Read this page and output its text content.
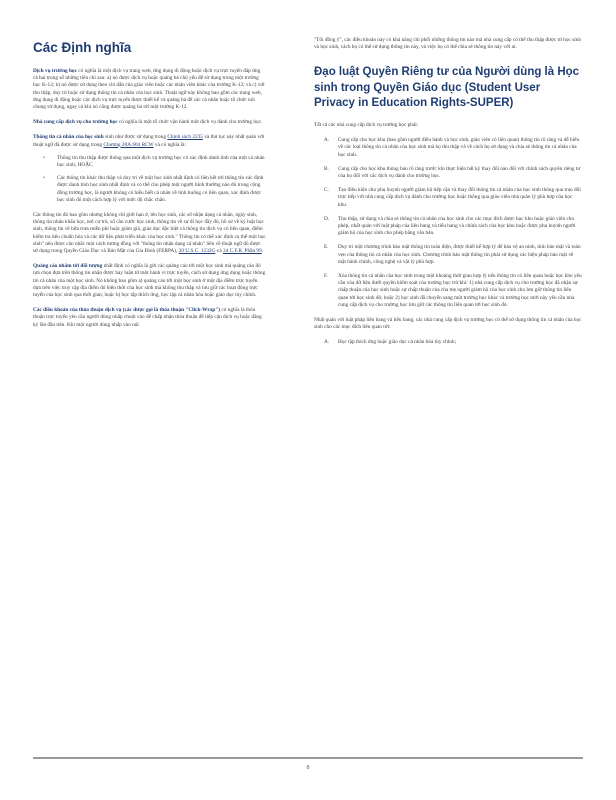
Các Định nghĩa

Dịch vụ trường học có nghĩa là một dịch vụ trang web, ứng dụng di động hoặc dịch vụ trực tuyến đáp ứng cả hai trong số những tiêu chí sau: a) nó được dịch vụ hoặc quảng bá chủ yếu để sử dụng trong một trường học K-12; b) nó được sử dụng theo chỉ dẫn của giáo viên hoặc các nhân viên khác của trường K-12; và c) với thu thập, duy trì hoặc sử dụng thông tin cá nhân của học sinh. Thuật ngữ này không bao gồm các trang web, ứng dụng di động hoặc các dịch vụ trực tuyến được thiết kế và quảng bá để các cá nhân hoặc tổ chức nói chung sử dụng, ngay cả khi nó cũng được quảng bá tới một trường K-12.

Nhà cung cấp dịch vụ cho trường học có nghĩa là một tổ chức vận hành một dịch vụ dành cho trường học.

Thông tin cá nhân của học sinh sinh như được sử dụng trong Chính sách 2235 và thủ tục này nhất quán với thuật ngữ đã được sử dụng trong Chương 28A.604 RCW và có nghĩa là:

•	Thông tin thu thập được thông qua một dịch vụ trường học có xác định danh tính của một cá nhân học sinh; HOẶC
•	Các thông tin khác thu thập và duy trì về một học sinh nhất định có liên kết tới thông tin xác định được danh tính học sinh nhất định và có thể cho phép một người bình thường nào đó trong cộng đồng trường học, là người không có hiểu biết cá nhân về tình huống có liên quan, xác định được học sinh đó một cách hợp lý với mức độ chắc chắn.

Các thông tin đó bao gồm nhưng không chỉ giới hạn ở, tên học sinh, các số nhận dạng cá nhân, ngày sinh, thông tin nhân khẩu học, nơi cư trú, số căn cước học sinh, thông tin về sự đi học đầy đủ, hồ sơ về kỷ luật học sinh, thông tin về bữa trưa miễn phí hoặc giảm giá, giáo dục đặc biệt và thông tin dịch vụ có liên quan, điểm kiểm tra tiêu chuẩn hóa và các dữ liệu phát triển khác của học sinh." Thông tin có thể xác định cụ thể một học sinh" nêu được cân nhắc một cách tương đồng với "thông tin nhận dạng cá nhân" liên về thuật ngữ đó được sử dụng trong Quyền Giáo Dục và Bảo Mật của Gia Đình (FERPA), 20 U.S.C. 1232G và 34 C.F.R. Phần 99.

Quảng cáo nhắm tới đối tượng nhất định có nghĩa là gửi các quảng cáo tới một học sinh mà quảng cáo đó lựa chọn dựa trên thông tin nhận được hay luận từ một hành vi trực tuyến, cách sử dụng ứng dụng hoặc thông tin cá nhân của một học sinh. Nó không bao gồm a) quảng cáo tới một học sinh ở một địa điểm trực tuyến dựa trên việc truy cập địa điểm đó hiện thời của học sinh mà không thu thập và lưu giữ các hoạt động trực tuyến của học sinh qua thời gian; hoặc b) học tập thích ứng, học tập cá nhân hóa hoặc giáo dục tùy chỉnh.

Các điều khoản của thỏa thuận dịch vụ (các được gọi là thỏa thuận "Click-Wrap") có nghĩa là thỏa thuận trực tuyến yêu cầu người dùng nhấp chuột vào để chấp nhận thỏa thuận để tiếp cận dịch vụ hoặc đăng ký lần đầu tiên. Khi một người dùng nhấp vào nút

"Tôi đồng ý", các điều khoản này có khả năng chi phối những thông tin nào mà nhà cung cấp có thể thu thập được từ học sinh và học sinh, cách họ có thể sử dụng thông tin này, và việc họ có thể chia sẻ thông tin này với ai.

Đạo luật Quyền Riêng tư của Người dùng là Học sinh trong Quyền Giáo dục (Student User Privacy in Education Rights-SUPER)

Tất cả các nhà cung cấp dịch vụ trường học phải:

A.	Cung cấp cho học khu (bao gồm người điều hành và học sinh, giáo viên có liên quan) thông tin rõ ràng và dễ hiểu về các loại thông tin cá nhân của học sinh mà họ thu thập và về cách họ sử dụng và chia sẻ thông tin cá nhân của học sinh.
B.	Cung cấp cho học khu thông báo rõ ràng trước khi thực hiện bất kỳ thay đổi nào đối với chính sách quyền riêng tư của họ đối với các dịch vụ dành cho trường học.
C.	Tạo điều kiện cho phụ huynh người giám hộ tiếp cận và thay đổi thông tin cá nhân của học sinh thông qua trao đổi trực tiếp với nhà cung cấp dịch vụ dành cho trường học hoặc thông qua giáo viên nhà quản lý phù hợp của học khu.
D.	Thu thập, sử dụng và chia sẻ thông tin cá nhân của học sinh cho các mục đích được học khu hoặc giáo viên cho phép, nhất quán với luật pháp của liên bang và tiểu bang và chính sách của học khu hoặc được phụ huynh người giám hộ của học sinh cho phép bằng văn bản.
E.	Duy trì một chương trình bảo mật thông tin toàn diện, được thiết kế hợp lý để bảo vệ an ninh, tính bảo mật và toàn vẹn của thông tin cá nhân của học sinh. Chương trình bảo mật thông tin phải sử dụng các biện pháp bảo mật về mặt hành chính, công nghệ và vật lý phù hợp.
F.	Xóa thông tin cá nhân của học sinh trong một khoảng thời gian hợp lý nếu thông tin có liên quan hoặc học khu yêu cầu xóa dữ liệu dưới quyền kiểm soát của trường học trừ khi: 1) nhà cung cấp dịch vụ cho trường học đã nhận sự chấp thuận của học sinh hoặc sự chấp thuận của cha mẹ người giám hộ của học sinh cho lưu giữ thông tin liên quan tới học sinh đó; hoặc 2) học sinh đã chuyển sang một trường học khác và trường học mới này yêu cầu nhà cung cấp dịch vụ cho trường học lưu giữ các thông tin liên quan tới học sinh đó.

Nhất quán với luật pháp liên bang và tiểu bang, các nhà cung cấp dịch vụ trường học có thể sử dụng thông tin cá nhân của học sinh cho các mục đích liên quan tới:

A.	Học tập thích ứng hoặc giáo dục cá nhân hóa tùy chỉnh;
8
